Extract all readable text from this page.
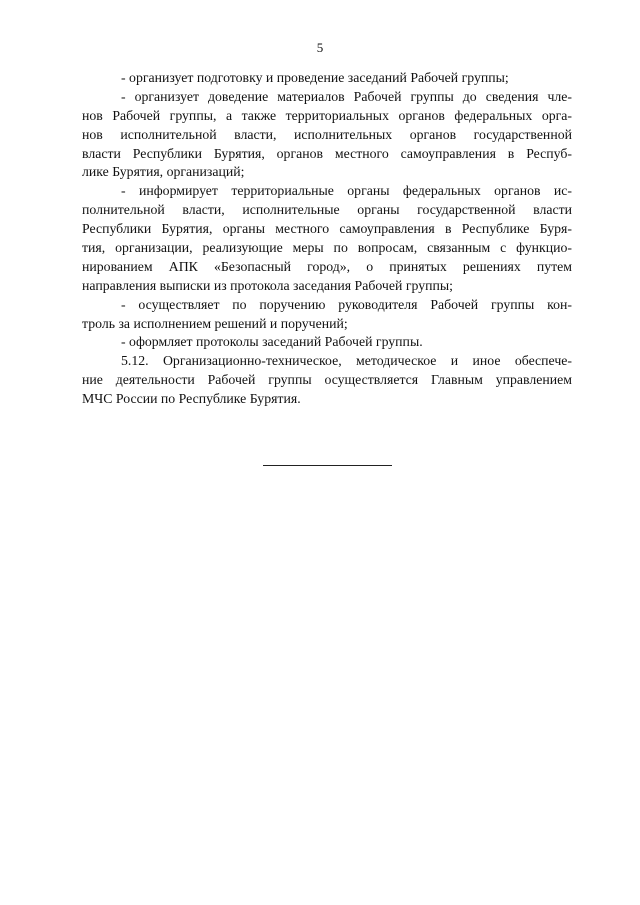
5
- организует подготовку и проведение заседаний Рабочей группы;
- организует доведение материалов Рабочей группы до сведения чле-
нов Рабочей группы, а также территориальных органов федеральных орга-
нов исполнительной власти, исполнительных органов государственной
власти Республики Бурятия, органов местного самоуправления в Респуб-
лике Бурятия, организаций;
- информирует территориальные органы федеральных органов ис-
полнительной власти, исполнительные органы государственной власти
Республики Бурятия, органы местного самоуправления в Республике Буря-
тия, организации, реализующие меры по вопросам, связанным с функцио-
нированием АПК «Безопасный город», о принятых решениях путем
направления выписки из протокола заседания Рабочей группы;
- осуществляет по поручению руководителя Рабочей группы кон-
троль за исполнением решений и поручений;
- оформляет протоколы заседаний Рабочей группы.
5.12. Организационно-техническое, методическое и иное обеспече-
ние деятельности Рабочей группы осуществляется Главным управлением
МЧС России по Республике Бурятия.
